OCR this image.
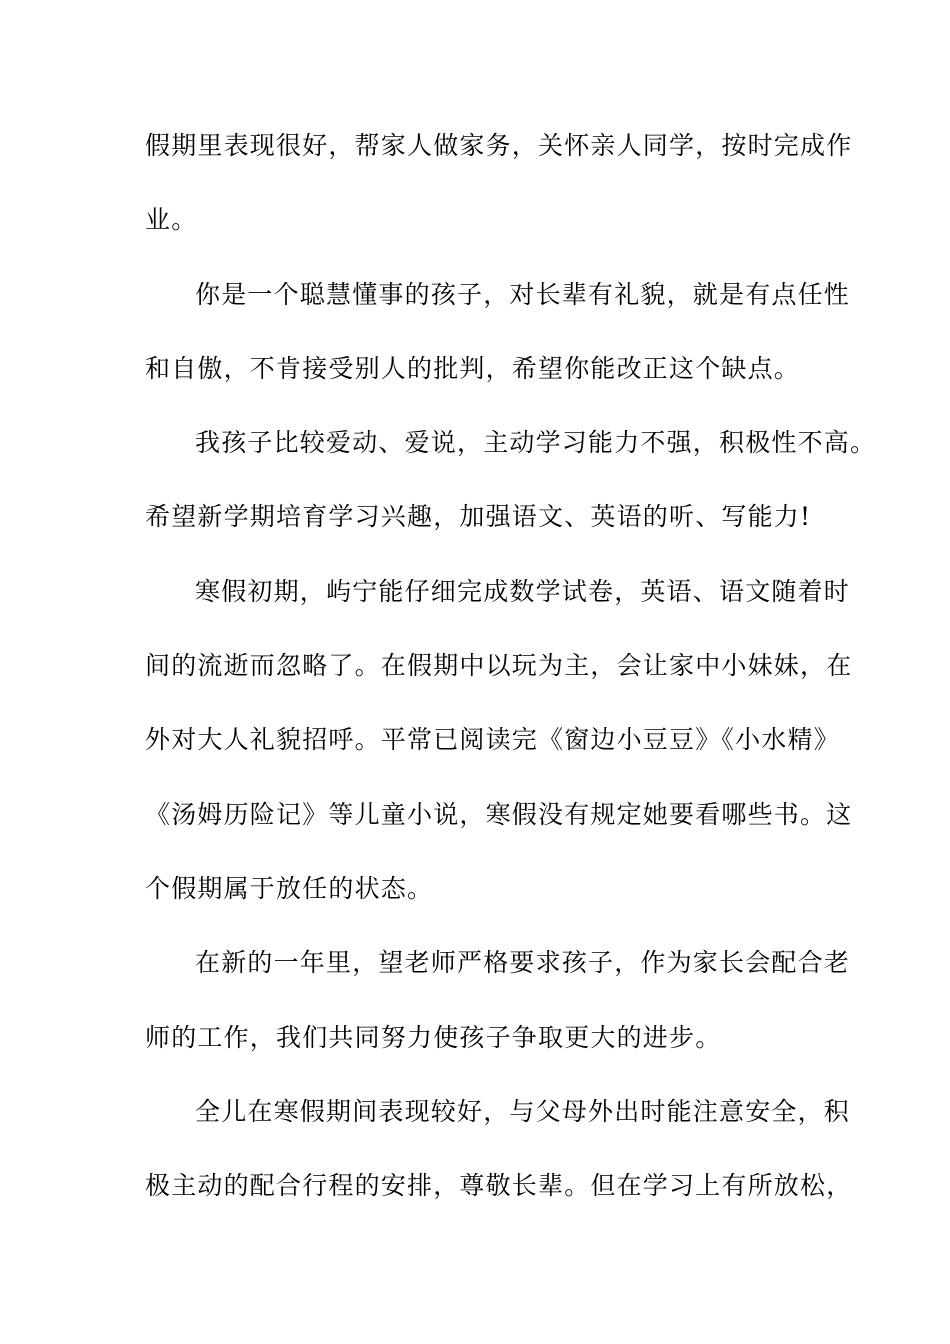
假期里表现很好，帮家人做家务，关怀亲人同学，按时完成作
业。
你是一个聪慧懂事的孩子，对长辈有礼貌，就是有点任性
和自傲，不肯接受别人的批判，希望你能改正这个缺点。
我孩子比较爱动、爱说，主动学习能力不强，积极性不高。
希望新学期培育学习兴趣，加强语文、英语的听、写能力!
寒假初期，屿宁能仔细完成数学试卷，英语、语文随着时
间的流逝而忽略了。在假期中以玩为主，会让家中小妹妹，在
外对大人礼貌招呼。平常已阅读完《窗边小豆豆》《小水精》
《汤姆历险记》等儿童小说，寒假没有规定她要看哪些书。这
个假期属于放任的状态。
在新的一年里，望老师严格要求孩子，作为家长会配合老
师的工作，我们共同努力使孩子争取更大的进步。
全儿在寒假期间表现较好，与父母外出时能注意安全，积
极主动的配合行程的安排，尊敬长辈。但在学习上有所放松，
